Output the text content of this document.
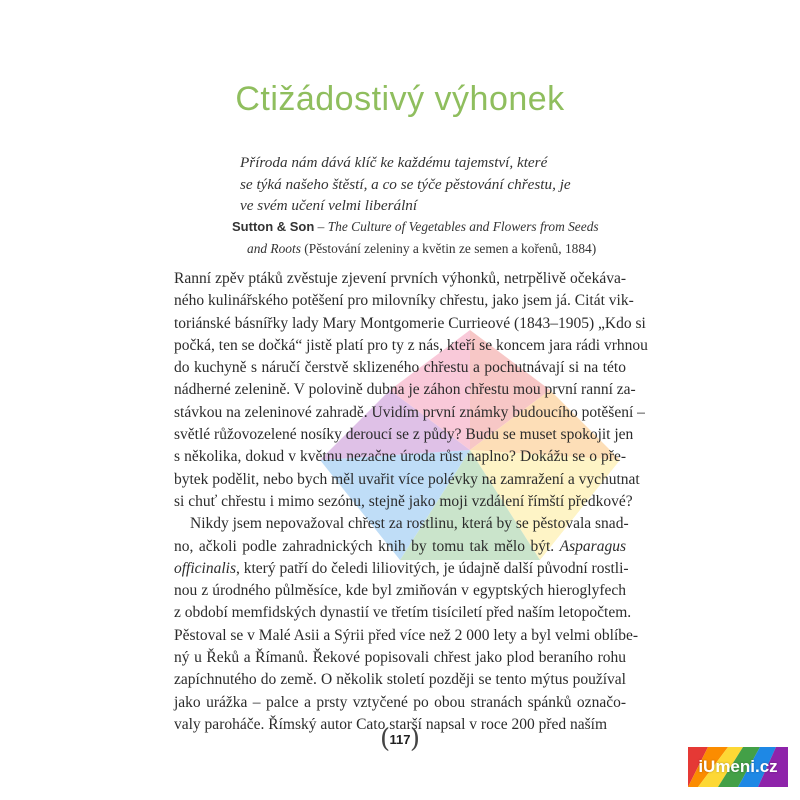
Ctižádostivý výhonek

Příroda nám dává klíč ke každému tajemství, které

se týká našeho štěstí, a co se týče pěstování chřestu, je

ve svém učení velmi liberální

Sutton & Son – The Culture of Vegetables and Flowers from Seeds
and Roots (Pěstování zeleniny a květin ze semen a kořenů, 1884)
Ranní zpěv ptáků zvěstuje zjevení prvních výhonků, netrpělivě očekáva-
ného kulinářského potěšení pro milovníky chřestu, jako jsem já. Citát vik-
toriánské básnířky lady Mary Montgomerie Currieové (1843–1905) „Kdo si
počká, ten se dočká“ jistě platí pro ty z nás, kteří se koncem jara rádi vrhnou
do kuchyně s náručí čerstvě sklizeného chřestu a pochutnávají si na této
nádherné zelenině. V polovině dubna je záhon chřestu mou první ranní za-
stávkou na zeleninové zahradě. Uvidím první známky budoucího potěšení –
světlé růžovozelené nosíky deroucí se z půdy? Budu se muset spokojit jen
s několika, dokud v květnu nezačne úroda růst naplno? Dokážu se o pře-
bytek podělit, nebo bych měl uvařit více polévky na zamražení a vychutnat
si chuť chřestu i mimo sezónu, stejně jako moji vzdálení římští předkové?
Nikdy jsem nepovažoval chřest za rostlinu, která by se pěstovala snad-
no, ačkoli podle zahradnických knih by tomu tak mělo být. Asparagus
officinalis, který patří do čeledi liliovitých, je údajně další původní rostli-
nou z úrodného půlměsíce, kde byl zmiňován v egyptských hieroglyfech
z období memfidských dynastií ve třetím tisíciletí před naším letopočtem.
Pěstoval se v Malé Asii a Sýrii před více než 2 000 lety a byl velmi oblíbe-
ný u Řeků a Římanů. Řekové popisovali chřest jako plod beraního rohu
zapíchnutého do země. O několik století později se tento mýtus používal
jako urážka – palce a prsty vztyčené po obou stranách spánků označo-
valy paroháče. Římský autor Cato starší napsal v roce 200 před naším
( 117 )
iUmeni.cz
